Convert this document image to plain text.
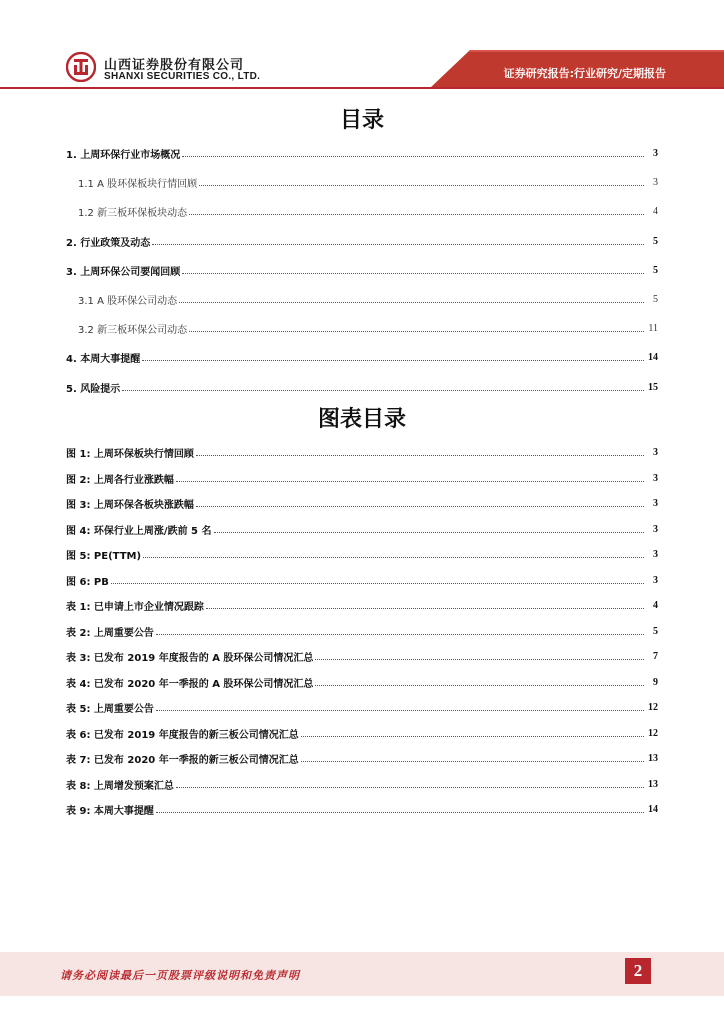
山西证券股份有限公司
SHANXI SECURITIES CO., LTD.	证券研究报告:行业研究/定期报告
目录
1. 上周环保行业市场概况	3
1.1 A 股环保板块行情回顾	3
1.2 新三板环保板块动态	4
2. 行业政策及动态	5
3. 上周环保公司要闻回顾	5
3.1 A 股环保公司动态	5
3.2 新三板环保公司动态	11
4. 本周大事提醒	14
5. 风险提示	15
图表目录
图 1: 上周环保板块行情回顾	3
图 2: 上周各行业涨跌幅	3
图 3: 上周环保各板块涨跌幅	3
图 4: 环保行业上周涨/跌前 5 名	3
图 5: PE(TTM)	3
图 6: PB	3
表 1: 已申请上市企业情况跟踪	4
表 2: 上周重要公告	5
表 3: 已发布 2019 年度报告的 A 股环保公司情况汇总	7
表 4: 已发布 2020 年一季报的 A 股环保公司情况汇总	9
表 5: 上周重要公告	12
表 6: 已发布 2019 年度报告的新三板公司情况汇总	12
表 7: 已发布 2020 年一季报的新三板公司情况汇总	13
表 8: 上周增发预案汇总	13
表 9: 本周大事提醒	14
请务必阅读最后一页股票评级说明和免责声明	2
